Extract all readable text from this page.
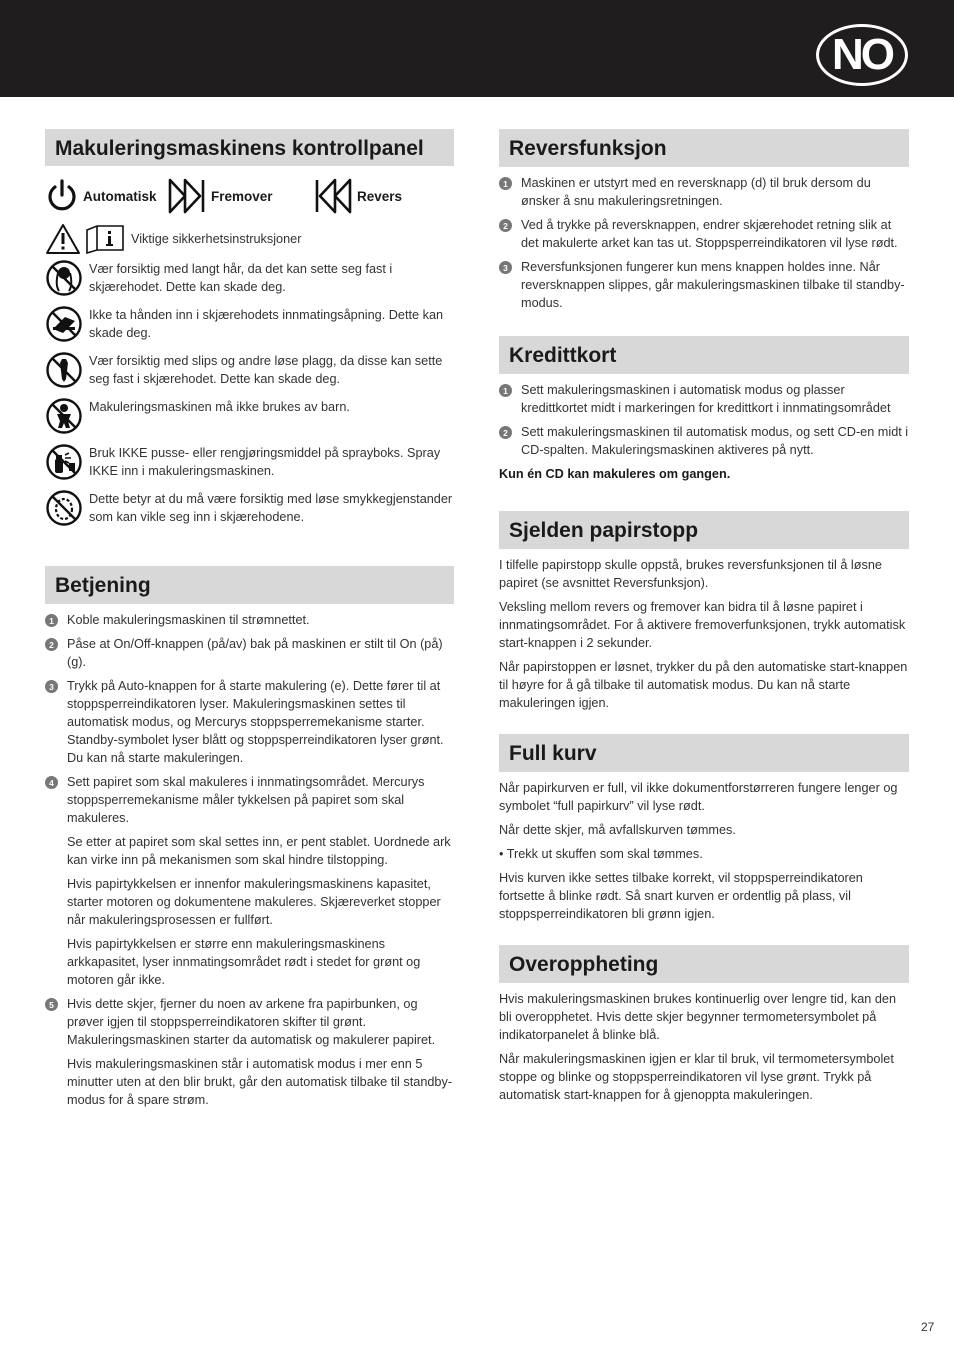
NO
Makuleringsmaskinens kontrollpanel
Automatisk	Fremover	Revers
Viktige sikkerhetsinstruksjoner
Vær forsiktig med langt hår, da det kan sette seg fast i skjærehodet. Dette kan skade deg.
Ikke ta hånden inn i skjærehodets innmatingsåpning. Dette kan skade deg.
Vær forsiktig med slips og andre løse plagg, da disse kan sette seg fast i skjærehodet. Dette kan skade deg.
Makuleringsmaskinen må ikke brukes av barn.
Bruk IKKE pusse- eller rengjøringsmiddel på sprayboks. Spray IKKE inn i makuleringsmaskinen.
Dette betyr at du må være forsiktig med løse smykkegjenstander som kan vikle seg inn i skjærehodene.
Betjening
1	Koble makuleringsmaskinen til strømnettet.
2	Påse at On/Off-knappen (på/av) bak på maskinen er stilt til On (på) (g).
3	Trykk på Auto-knappen for å starte makulering (e). Dette fører til at stoppsperreindikatoren lyser. Makuleringsmaskinen settes til automatisk modus, og Mercurys stoppsperremekanisme starter. Standby-symbolet lyser blått og stoppsperreindikatoren lyser grønt. Du kan nå starte makuleringen.
4	Sett papiret som skal makuleres i innmatingsområdet. Mercurys stoppsperremekanisme måler tykkelsen på papiret som skal makuleres.
Se etter at papiret som skal settes inn, er pent stablet. Uordnede ark kan virke inn på mekanismen som skal hindre tilstopping.
Hvis papirtykkelsen er innenfor makuleringsmaskinens kapasitet, starter motoren og dokumentene makuleres. Skjæreverket stopper når makuleringsprosessen er fullført.
Hvis papirtykkelsen er større enn makuleringsmaskinens arkkapasitet, lyser innmatingsområdet rødt i stedet for grønt og motoren går ikke.
5	Hvis dette skjer, fjerner du noen av arkene fra papirbunken, og prøver igjen til stoppsperreindikatoren skifter til grønt. Makuleringsmaskinen starter da automatisk og makulerer papiret.
Hvis makuleringsmaskinen står i automatisk modus i mer enn 5 minutter uten at den blir brukt, går den automatisk tilbake til standby-modus for å spare strøm.
Reversfunksjon
1	Maskinen er utstyrt med en reversknapp (d) til bruk dersom du ønsker å snu makuleringsretningen.
2	Ved å trykke på reversknappen, endrer skjærehodet retning slik at det makulerte arket kan tas ut. Stoppsperreindikatoren vil lyse rødt.
3	Reversfunksjonen fungerer kun mens knappen holdes inne. Når reversknappen slippes, går makuleringsmaskinen tilbake til standby-modus.
Kredittkort
1	Sett makuleringsmaskinen i automatisk modus og plasser kredittkortet midt i markeringen for kredittkort i innmatingsområdet
2	Sett makuleringsmaskinen til automatisk modus, og sett CD-en midt i CD-spalten. Makuleringsmaskinen aktiveres på nytt.
Kun én CD kan makuleres om gangen.
Sjelden papirstopp
I tilfelle papirstopp skulle oppstå, brukes reversfunksjonen til å løsne papiret (se avsnittet Reversfunksjon).
Veksling mellom revers og fremover kan bidra til å løsne papiret i innmatingsområdet. For å aktivere fremoverfunksjonen, trykk automatisk start-knappen i 2 sekunder.
Når papirstoppen er løsnet, trykker du på den automatiske start-knappen til høyre for å gå tilbake til automatisk modus. Du kan nå starte makuleringen igjen.
Full kurv
Når papirkurven er full, vil ikke dokumentforstørreren fungere lenger og symbolet “full papirkurv” vil lyse rødt.
Når dette skjer, må avfallskurven tømmes.
• Trekk ut skuffen som skal tømmes.
Hvis kurven ikke settes tilbake korrekt, vil stoppsperreindikatoren fortsette å blinke rødt. Så snart kurven er ordentlig på plass, vil stoppsperreindikatoren bli grønn igjen.
Overoppheting
Hvis makuleringsmaskinen brukes kontinuerlig over lengre tid, kan den bli overopphetet. Hvis dette skjer begynner termometersymbolet på indikatorpanelet å blinke blå.
Når makuleringsmaskinen igjen er klar til bruk, vil termometersymbolet stoppe og blinke og stoppsperreindikatoren vil lyse grønt. Trykk på automatisk start-knappen for å gjenoppta makuleringen.
27
